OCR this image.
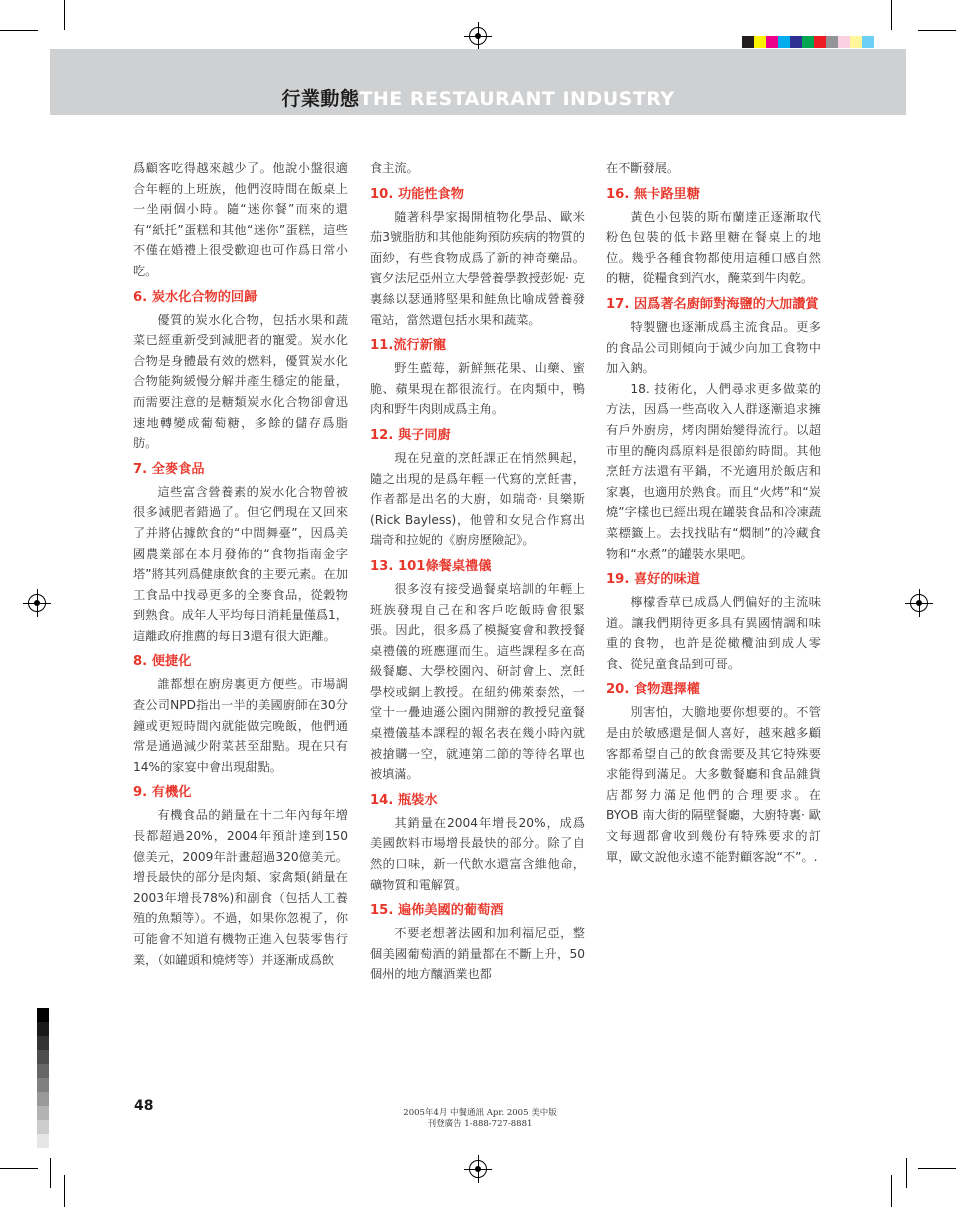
行業動態THE RESTAURANT INDUSTRY

爲顧客吃得越來越少了。他說小盤很適合年輕的上班族，他們沒時間在飯桌上一坐兩個小時。隨“迷你餐”而來的還有“紙托”蛋糕和其他“迷你”蛋糕，這些不僅在婚禮上很受歡迎也可作爲日常小吃。

6. 炭水化合物的回歸

優質的炭水化合物，包括水果和蔬菜已經重新受到減肥者的寵愛。炭水化合物是身體最有效的燃料，優質炭水化合物能夠緩慢分解并產生穩定的能量，而需要注意的是糖類炭水化合物卻會迅速地轉變成葡萄糖，多餘的儲存爲脂肪。

7. 全麥食品

這些富含營養素的炭水化合物曾被很多減肥者錯過了。但它們現在又回來了并將佔據飲食的“中間舞臺”，因爲美國農業部在本月發佈的“食物指南金字塔”將其列爲健康飲食的主要元素。在加工食品中找尋更多的全麥食品，從穀物到熟食。成年人平均每日消耗量僅爲1，這離政府推薦的每日3還有很大距離。

8. 便捷化

誰都想在廚房裏更方便些。市場調查公司NPD指出一半的美國廚師在30分鐘或更短時間內就能做完晚飯，他們通常是通過減少附菜甚至甜點。現在只有14%的家宴中會出現甜點。

9. 有機化

有機食品的銷量在十二年內每年增長都超過20%，2004年預計達到150億美元，2009年計畫超過320億美元。增長最快的部分是肉類、家禽類(銷量在2003年增長78%)和副食（包括人工養殖的魚類等）。不過，如果你忽視了，你可能會不知道有機物正進入包裝零售行業，（如罐頭和燒烤等）并逐漸成爲飲

食主流。

10. 功能性食物

隨著科學家揭開植物化學品、歐米茄3號脂肪和其他能夠預防疾病的物質的面紗，有些食物成爲了新的神奇藥品。賓夕法尼亞州立大學營養學教授彭妮· 克裏絲以瑟通將堅果和鮭魚比喻成營養發電站，當然還包括水果和蔬菜。

11.流行新寵

野生藍莓，新鮮無花果、山藥、蜜脆、蘋果現在都很流行。在肉類中，鴨肉和野牛肉則成爲主角。

12. 與子同廚

現在兒童的烹飪課正在悄然興起，隨之出現的是爲年輕一代寫的烹飪書，作者都是出名的大廚，如瑞奇· 貝樂斯(Rick Bayless)，他曾和女兒合作寫出瑞奇和拉妮的《廚房歷險記》。

13. 101條餐桌禮儀

很多沒有接受過餐桌培訓的年輕上班族發現自己在和客戶吃飯時會很緊張。因此，很多爲了模擬宴會和教授餐桌禮儀的班應運而生。這些課程多在高級餐廳、大學校園內、研討會上、烹飪學校或網上教授。在紐約佛萊泰然，一堂十一疊迪遜公園內開辦的教授兒童餐桌禮儀基本課程的報名表在幾小時內就被搶購一空，就連第二節的等待名單也被填滿。

14. 瓶裝水

其銷量在2004年增長20%，成爲美國飲料市場增長最快的部分。除了自然的口味，新一代飲水還富含維他命，礦物質和電解質。

15. 遍佈美國的葡萄酒

不要老想著法國和加利福尼亞，整個美國葡萄酒的銷量都在不斷上升，50個州的地方釀酒業也都

在不斷發展。

16. 無卡路里糖

黃色小包裝的斯布蘭達正逐漸取代粉色包裝的低卡路里糖在餐桌上的地位。幾乎各種食物都使用這種口感自然的糖，從糧食到汽水，醃菜到牛肉乾。

17. 因爲著名廚師對海鹽的大加讚賞

特製鹽也逐漸成爲主流食品。更多的食品公司則傾向于減少向加工食物中加入鈉。

18. 技術化，人們尋求更多做菜的方法，因爲一些高收入人群逐漸追求擁有戶外廚房，烤肉開始變得流行。以超市里的醃肉爲原料是很節約時間。其他烹飪方法還有平鍋，不光適用於飯店和家裏，也適用於熟食。而且“火烤”和“炭燒”字樣也已經出現在罐裝食品和冷凍蔬菜標籤上。去找找貼有“燜制”的冷藏食物和“水煮”的罐裝水果吧。

19. 喜好的味道

檸檬香草已成爲人們偏好的主流味道。讓我們期待更多具有異國情調和味重的食物，也許是從橄欖油到成人零食、從兒童食品到可哥。

20. 食物選擇權

別害怕，大膽地要你想要的。不管是由於敏感還是個人喜好，越來越多顧客都希望自己的飲食需要及其它特殊要求能得到滿足。大多數餐廳和食品雜貨店都努力滿足他們的合理要求。在BYOB 南大街的隔壁餐廳，大廚特裏· 歐文每週都會收到幾份有特殊要求的訂單，歐文說他永遠不能對顧客說“不”。.

48	2005年4月 中餐通訊 Apr. 2005 美中版
刊登廣告 1-888-727-8881
